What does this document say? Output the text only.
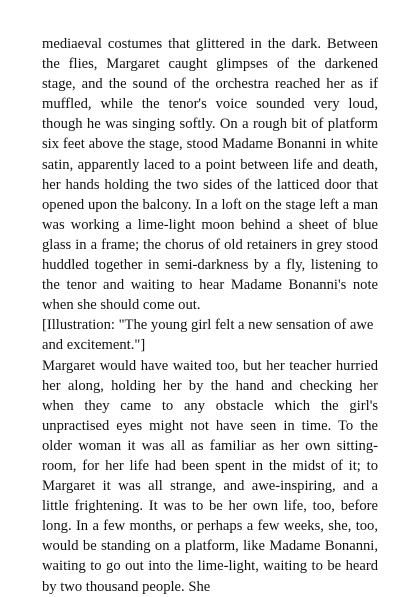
mediaeval costumes that glittered in the dark. Between the flies, Margaret caught glimpses of the darkened stage, and the sound of the orchestra reached her as if muffled, while the tenor's voice sounded very loud, though he was singing softly. On a rough bit of platform six feet above the stage, stood Madame Bonanni in white satin, apparently laced to a point between life and death, her hands holding the two sides of the latticed door that opened upon the balcony. In a loft on the stage left a man was working a lime-light moon behind a sheet of blue glass in a frame; the chorus of old retainers in grey stood huddled together in semi-darkness by a fly, listening to the tenor and waiting to hear Madame Bonanni's note when she should come out.

[Illustration: "The young girl felt a new sensation of awe and excitement."]

Margaret would have waited too, but her teacher hurried her along, holding her by the hand and checking her when they came to any obstacle which the girl's unpractised eyes might not have seen in time. To the older woman it was all as familiar as her own sitting-room, for her life had been spent in the midst of it; to Margaret it was all strange, and awe-inspiring, and a little frightening. It was to be her own life, too, before long. In a few months, or perhaps a few weeks, she, too, would be standing on a platform, like Madame Bonanni, waiting to go out into the lime-light, waiting to be heard by two thousand people. She
